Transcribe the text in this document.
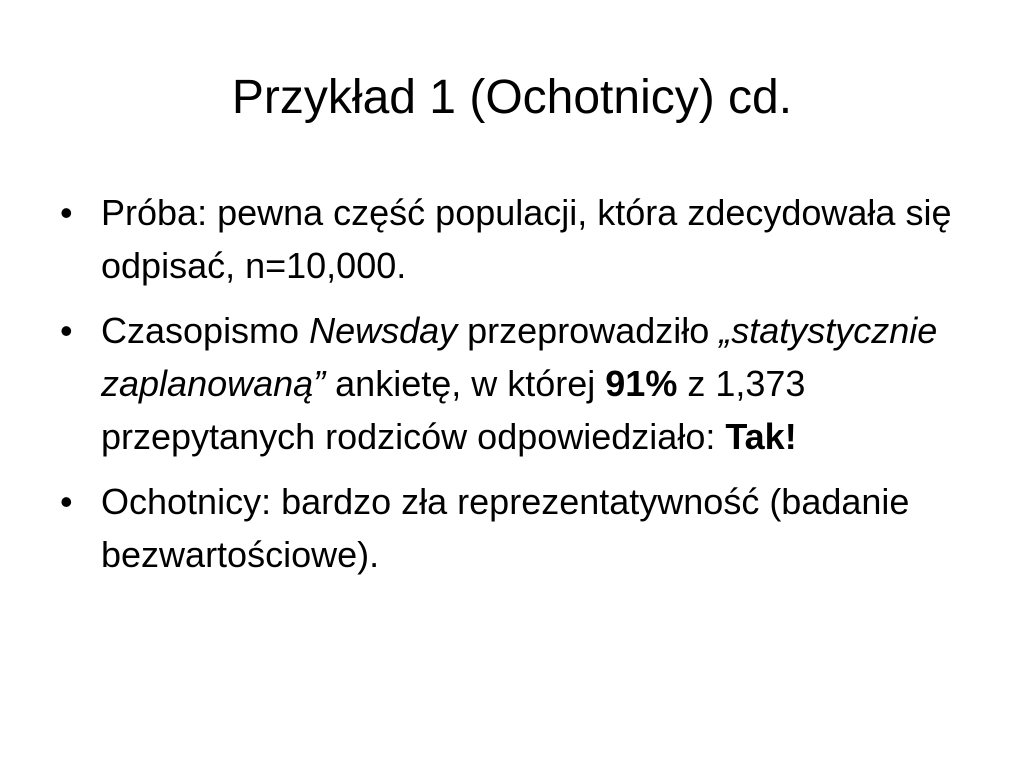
Przykład 1 (Ochotnicy) cd.
• Próba: pewna część populacji, która zdecydowała się odpisać, n=10,000.
• Czasopismo Newsday przeprowadziło „statystycznie zaplanowaną” ankietę, w której 91% z 1,373 przepytanych rodziców odpowiedziało: Tak!
• Ochotnicy: bardzo zła reprezentatywność (badanie bezwartościowe).
